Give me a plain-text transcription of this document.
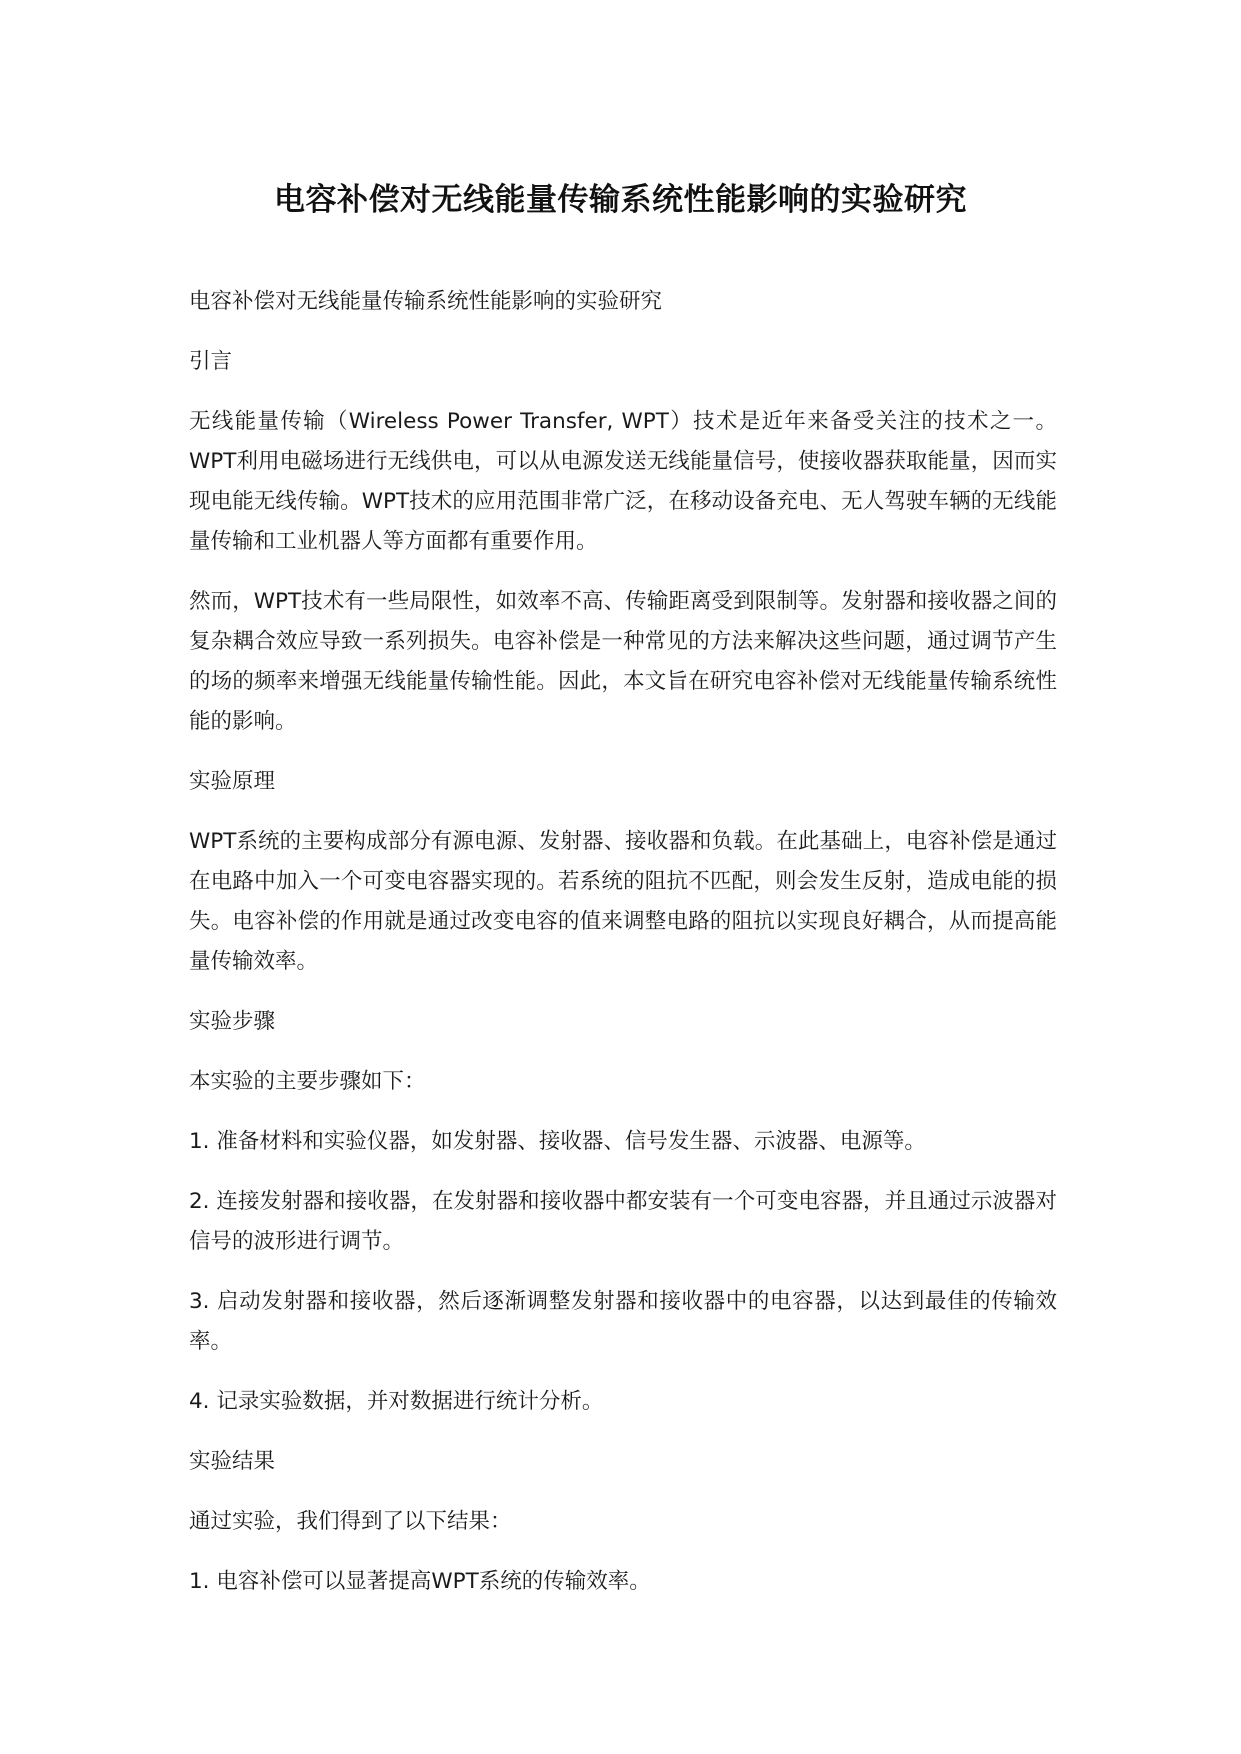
电容补偿对无线能量传输系统性能影响的实验研究

电容补偿对无线能量传输系统性能影响的实验研究

引言

无线能量传输（Wireless Power Transfer, WPT）技术是近年来备受关注的技术之一。WPT利用电磁场进行无线供电，可以从电源发送无线能量信号，使接收器获取能量，因而实现电能无线传输。WPT技术的应用范围非常广泛，在移动设备充电、无人驾驶车辆的无线能量传输和工业机器人等方面都有重要作用。

然而，WPT技术有一些局限性，如效率不高、传输距离受到限制等。发射器和接收器之间的复杂耦合效应导致一系列损失。电容补偿是一种常见的方法来解决这些问题，通过调节产生的场的频率来增强无线能量传输性能。因此，本文旨在研究电容补偿对无线能量传输系统性能的影响。

实验原理

WPT系统的主要构成部分有源电源、发射器、接收器和负载。在此基础上，电容补偿是通过在电路中加入一个可变电容器实现的。若系统的阻抗不匹配，则会发生反射，造成电能的损失。电容补偿的作用就是通过改变电容的值来调整电路的阻抗以实现良好耦合，从而提高能量传输效率。

实验步骤

本实验的主要步骤如下：

1. 准备材料和实验仪器，如发射器、接收器、信号发生器、示波器、电源等。

2. 连接发射器和接收器，在发射器和接收器中都安装有一个可变电容器，并且通过示波器对信号的波形进行调节。

3. 启动发射器和接收器，然后逐渐调整发射器和接收器中的电容器，以达到最佳的传输效率。

4. 记录实验数据，并对数据进行统计分析。

实验结果

通过实验，我们得到了以下结果：

1. 电容补偿可以显著提高WPT系统的传输效率。
